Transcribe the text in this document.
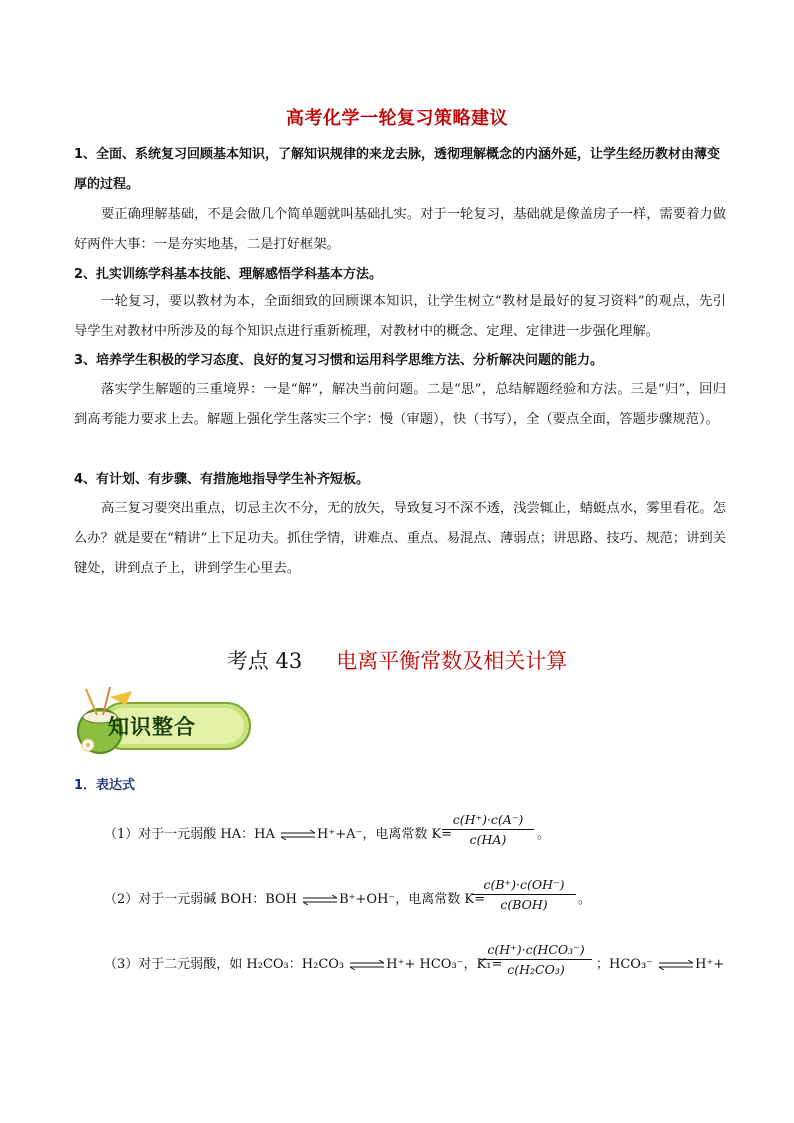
高考化学一轮复习策略建议
1、全面、系统复习回顾基本知识，了解知识规律的来龙去脉，透彻理解概念的内涵外延，让学生经历教材由薄变厚的过程。
要正确理解基础，不是会做几个简单题就叫基础扎实。对于一轮复习，基础就是像盖房子一样，需要着力做好两件大事：一是夯实地基，二是打好框架。
2、扎实训练学科基本技能、理解感悟学科基本方法。
一轮复习，要以教材为本，全面细致的回顾课本知识，让学生树立“教材是最好的复习资料”的观点，先引导学生对教材中所涉及的每个知识点进行重新梳理，对教材中的概念、定理、定律进一步强化理解。
3、培养学生积极的学习态度、良好的复习习惯和运用科学思维方法、分析解决问题的能力。
落实学生解题的三重境界：一是“解”，解决当前问题。二是“思”，总结解题经验和方法。三是“归”，回归到高考能力要求上去。解题上强化学生落实三个字：慢（审题），快（书写），全（要点全面，答题步骤规范）。
4、有计划、有步骤、有措施地指导学生补齐短板。
高三复习要突出重点，切忌主次不分，无的放矢，导致复习不深不透，浅尝辄止，蜻蜓点水，雾里看花。怎么办？就是要在“精讲”上下足功夫。抓住学情，讲难点、重点、易混点、薄弱点；讲思路、技巧、规范；讲到关键处，讲到点子上，讲到学生心里去。
考点 43 电离平衡常数及相关计算
知识整合
1．表达式
（1）对于一元弱酸 HA：HA ⇌H⁺+A⁻，电离常数 K=
c(H⁺)·c(A⁻)
c(HA)	。
（2）对于一元弱碱 BOH：BOH ⇌B⁺+OH⁻，电离常数 K=
c(B⁺)·c(OH⁻)
c(BOH)	。
（3）对于二元弱酸，如 H₂CO₃：H₂CO₃ ⇌H⁺+ HCO₃⁻，K₁=
c(H⁺)·c(HCO₃⁻)
c(H₂CO₃)	；HCO₃⁻ ⇌H⁺+
